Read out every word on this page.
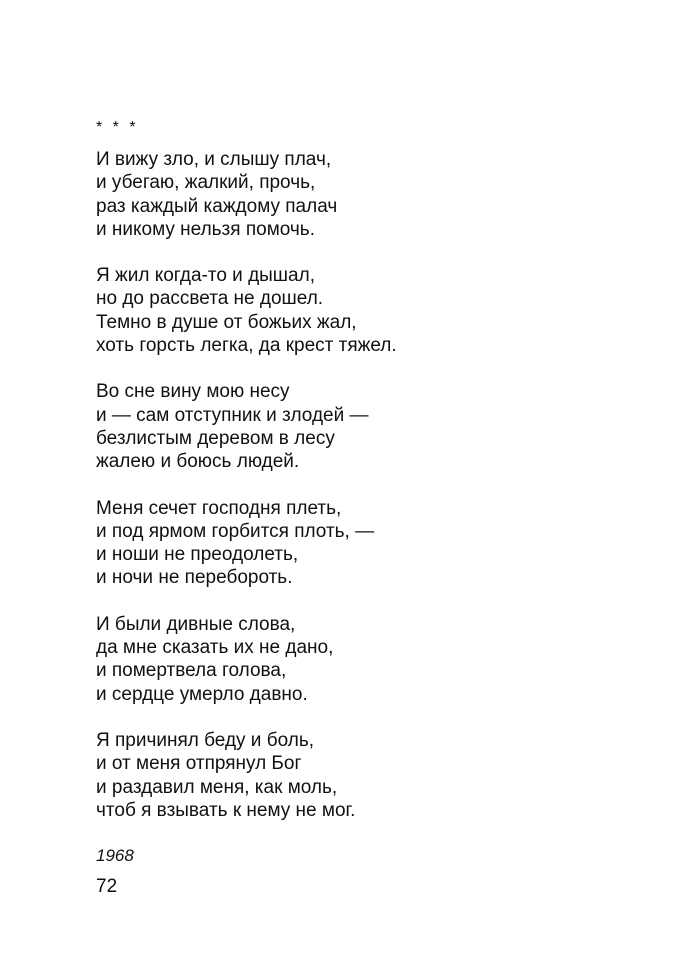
* * *
И вижу зло, и слышу плач,
и убегаю, жалкий, прочь,
раз каждый каждому палач
и никому нельзя помочь.
Я жил когда-то и дышал,
но до рассвета не дошел.
Темно в душе от божьих жал,
хоть горсть легка, да крест тяжел.
Во сне вину мою несу
и — сам отступник и злодей —
безлистым деревом в лесу
жалею и боюсь людей.
Меня сечет господня плеть,
и под ярмом горбится плоть, —
и ноши не преодолеть,
и ночи не перебороть.
И были дивные слова,
да мне сказать их не дано,
и помертвела голова,
и сердце умерло давно.
Я причинял беду и боль,
и от меня отпрянул Бог
и раздавил меня, как моль,
чтоб я взывать к нему не мог.
1968
72
